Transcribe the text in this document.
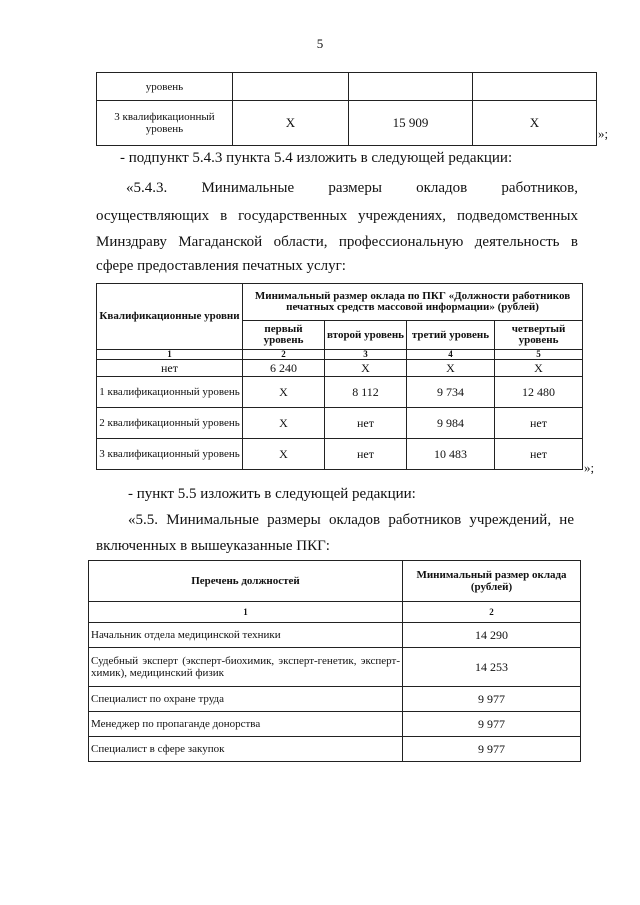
5
уровень			
3 квалификационный уровень	Х	15 909	Х
»;
- подпункт 5.4.3 пункта 5.4 изложить в следующей редакции:
«5.4.3. Минимальные размеры окладов работников,
осуществляющих в государственных учреждениях, подведомственных
Минздраву Магаданской области, профессиональную деятельность в
сфере предоставления печатных услуг:
Квалификационные уровни	Минимальный размер оклада по ПКГ «Должности работников печатных средств массовой информации» (рублей)			
	первый уровень	второй уровень	третий уровень	четвертый уровень
1	2	3	4	5
нет	6 240	Х	Х	Х
1 квалификационный уровень	Х	8 112	9 734	12 480
2 квалификационный уровень	Х	нет	9 984	нет
3 квалификационный уровень	Х	нет	10 483	нет
»;
- пункт 5.5 изложить в следующей редакции:
«5.5. Минимальные размеры окладов работников учреждений, не
включенных в вышеуказанные ПКГ:
Перечень должностей	Минимальный размер оклада (рублей)
1	2
Начальник отдела медицинской техники	14 290
Судебный эксперт (эксперт-биохимик, эксперт-генетик, эксперт-химик), медицинский физик	14 253
Специалист по охране труда	9 977
Менеджер по пропаганде донорства	9 977
Специалист в сфере закупок	9 977
